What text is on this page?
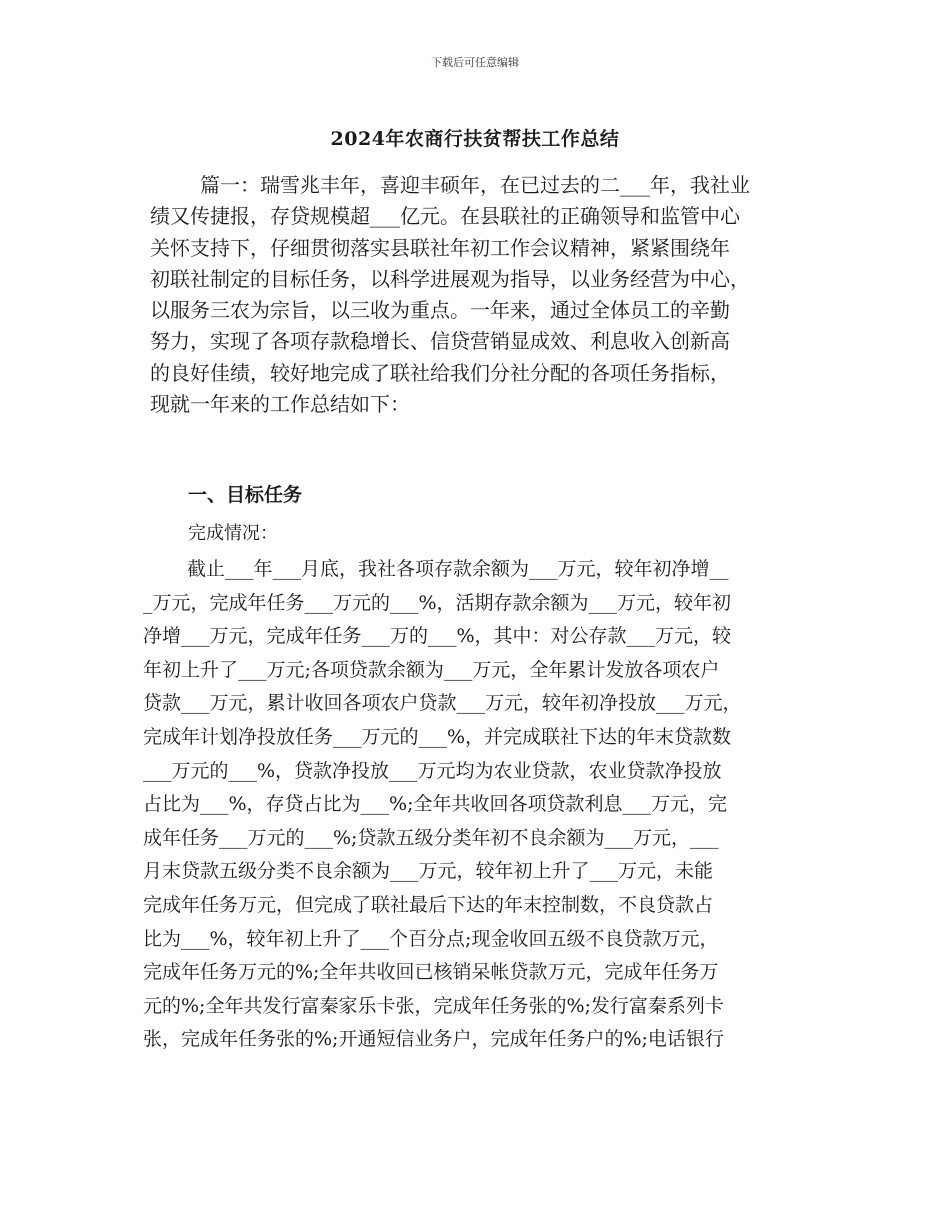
下载后可任意编辑
2024年农商行扶贫帮扶工作总结
篇一：瑞雪兆丰年，喜迎丰硕年，在已过去的二___年，我社业
绩又传捷报，存贷规模超___亿元。在县联社的正确领导和监管中心
关怀支持下，仔细贯彻落实县联社年初工作会议精神，紧紧围绕年
初联社制定的目标任务，以科学进展观为指导，以业务经营为中心，
以服务三农为宗旨，以三收为重点。一年来，通过全体员工的辛勤
努力，实现了各项存款稳增长、信贷营销显成效、利息收入创新高
的良好佳绩，较好地完成了联社给我们分社分配的各项任务指标，
现就一年来的工作总结如下：
一、目标任务
完成情况：
截止___年___月底，我社各项存款余额为___万元，较年初净增__
_万元，完成年任务___万元的___%，活期存款余额为___万元，较年初
净增___万元，完成年任务___万的___%，其中：对公存款___万元，较
年初上升了___万元;各项贷款余额为___万元，全年累计发放各项农户
贷款___万元，累计收回各项农户贷款___万元，较年初净投放___万元，
完成年计划净投放任务___万元的___%，并完成联社下达的年末贷款数
___万元的___%，贷款净投放___万元均为农业贷款，农业贷款净投放
占比为___%，存贷占比为___%;全年共收回各项贷款利息___万元，完
成年任务___万元的___%;贷款五级分类年初不良余额为___万元，___
月末贷款五级分类不良余额为___万元，较年初上升了___万元，未能
完成年任务万元，但完成了联社最后下达的年末控制数，不良贷款占
比为___%，较年初上升了___个百分点;现金收回五级不良贷款万元，
完成年任务万元的%;全年共收回已核销呆帐贷款万元，完成年任务万
元的%;全年共发行富秦家乐卡张，完成年任务张的%;发行富秦系列卡
张，完成年任务张的%;开通短信业务户，完成年任务户的%;电话银行
